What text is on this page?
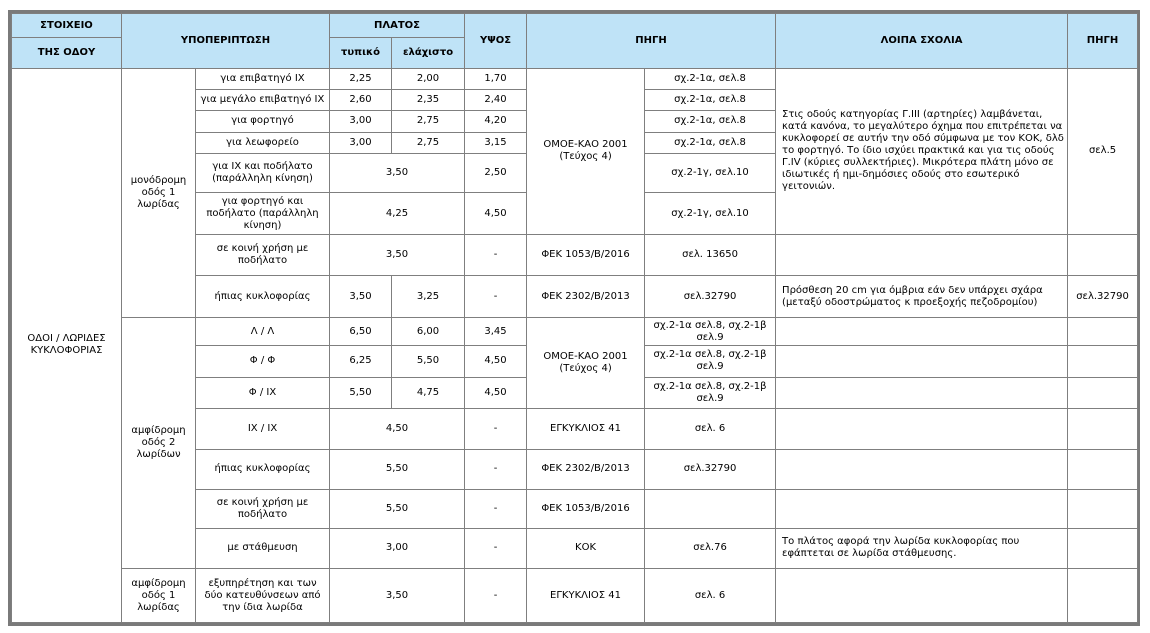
ΣΤΟΙΧΕΙΟ	ΥΠΟΠΕΡΙΠΤΩΣΗ		ΠΛΑΤΟΣ		ΥΨΟΣ	ΠΗΓΗ		ΛΟΙΠΑ ΣΧΟΛΙΑ	ΠΗΓΗ
ΤΗΣ ΟΔΟΥ			τυπικό	ελάχιστο					
ΟΔΟΙ / ΛΩΡΙΔΕΣ ΚΥΚΛΟΦΟΡΙΑΣ	μονόδρομη οδός 1 λωρίδας	για επιβατηγό ΙΧ	2,25	2,00	1,70	ΟΜΟΕ-ΚΑΟ 2001 (Τεύχος 4)	σχ.2-1α, σελ.8	Στις οδούς κατηγορίας Γ.ΙΙΙ (αρτηρίες) λαμβάνεται, κατά κανόνα, το μεγαλύτερο όχημα που επιτρέπεται να κυκλοφορεί σε αυτήν την οδό σύμφωνα με τον ΚΟΚ, δλδ το φορτηγό. Το ίδιο ισχύει πρακτικά και για τις οδούς Γ.IV (κύριες συλλεκτήριες). Μικρότερα πλάτη μόνο σε ιδιωτικές ή ημι-δημόσιες οδούς στο εσωτερικό γειτονιών.	σελ.5
		για μεγάλο επιβατηγό ΙΧ	2,60	2,35	2,40		σχ.2-1α, σελ.8		
		για φορτηγό	3,00	2,75	4,20		σχ.2-1α, σελ.8		
		για λεωφορείο	3,00	2,75	3,15		σχ.2-1α, σελ.8		
		για ΙΧ και ποδήλατο (παράλληλη κίνηση)	3,50		2,50		σχ.2-1γ, σελ.10		
		για φορτηγό και ποδήλατο (παράλληλη κίνηση)	4,25		4,50		σχ.2-1γ, σελ.10		
		σε κοινή χρήση με ποδήλατο	3,50		-	ΦΕΚ 1053/Β/2016	σελ. 13650		
		ήπιας κυκλοφορίας	3,50	3,25	-	ΦΕΚ 2302/Β/2013	σελ.32790	Πρόσθεση 20 cm για όμβρια εάν δεν υπάρχει σχάρα (μεταξύ οδοστρώματος κ προεξοχής πεζοδρομίου)	σελ.32790
	αμφίδρομη οδός 2 λωρίδων	Λ / Λ	6,50	6,00	3,45	ΟΜΟΕ-ΚΑΟ 2001 (Τεύχος 4)	σχ.2-1α σελ.8, σχ.2-1β σελ.9		
		Φ / Φ	6,25	5,50	4,50		σχ.2-1α σελ.8, σχ.2-1β σελ.9		
		Φ / ΙΧ	5,50	4,75	4,50		σχ.2-1α σελ.8, σχ.2-1β σελ.9		
		ΙΧ / ΙΧ	4,50		-	ΕΓΚΥΚΛΙΟΣ 41	σελ. 6		
		ήπιας κυκλοφορίας	5,50		-	ΦΕΚ 2302/Β/2013	σελ.32790		
		σε κοινή χρήση με ποδήλατο	5,50		-	ΦΕΚ 1053/Β/2016			
		με στάθμευση	3,00		-	ΚΟΚ	σελ.76	Το πλάτος αφορά την λωρίδα κυκλοφορίας που εφάπτεται σε λωρίδα στάθμευσης.	
	αμφίδρομη οδός 1 λωρίδας	εξυπηρέτηση και των δύο κατευθύνσεων από την ίδια λωρίδα	3,50		-	ΕΓΚΥΚΛΙΟΣ 41	σελ. 6		
